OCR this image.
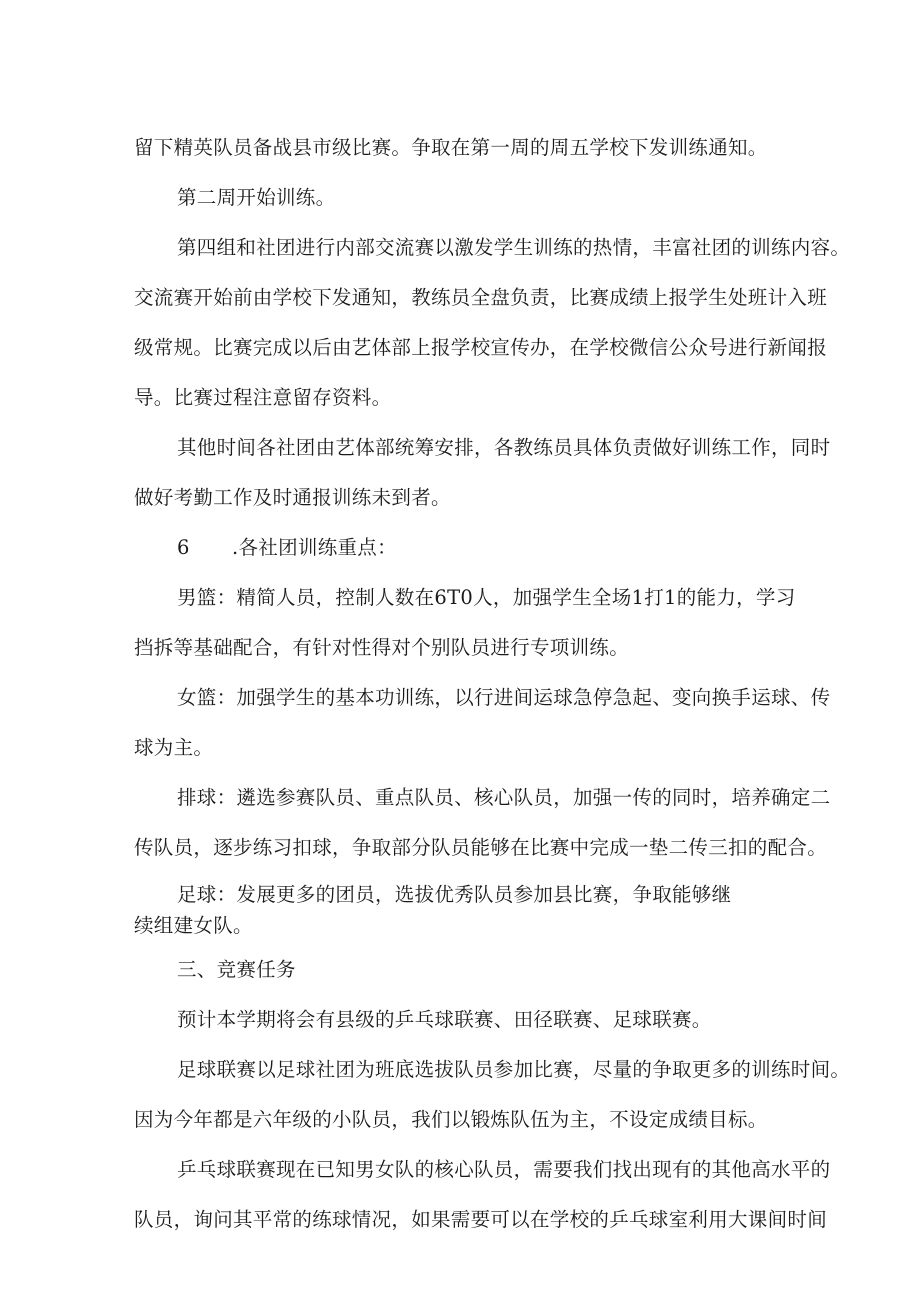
留下精英队员备战县市级比赛。争取在第一周的周五学校下发训练通知。
第二周开始训练。
第四组和社团进行内部交流赛以激发学生训练的热情，丰富社团的训练内容。
交流赛开始前由学校下发通知，教练员全盘负责，比赛成绩上报学生处班计入班
级常规。比赛完成以后由艺体部上报学校宣传办，在学校微信公众号进行新闻报
导。比赛过程注意留存资料。
其他时间各社团由艺体部统筹安排，各教练员具体负责做好训练工作，同时
做好考勤工作及时通报训练未到者。
6 .各社团训练重点：
男篮：精简人员，控制人数在6T0人，加强学生全场1打1的能力，学习
挡拆等基础配合，有针对性得对个别队员进行专项训练。
女篮：加强学生的基本功训练，以行进间运球急停急起、变向换手运球、传
球为主。
排球：遴选参赛队员、重点队员、核心队员，加强一传的同时，培养确定二
传队员，逐步练习扣球，争取部分队员能够在比赛中完成一垫二传三扣的配合。
足球：发展更多的团员，选拔优秀队员参加县比赛，争取能够继
续组建女队。
三、竞赛任务
预计本学期将会有县级的乒乓球联赛、田径联赛、足球联赛。
足球联赛以足球社团为班底选拔队员参加比赛，尽量的争取更多的训练时间。
因为今年都是六年级的小队员，我们以锻炼队伍为主，不设定成绩目标。
乒乓球联赛现在已知男女队的核心队员，需要我们找出现有的其他高水平的
队员，询问其平常的练球情况，如果需要可以在学校的乒乓球室利用大课间时间
